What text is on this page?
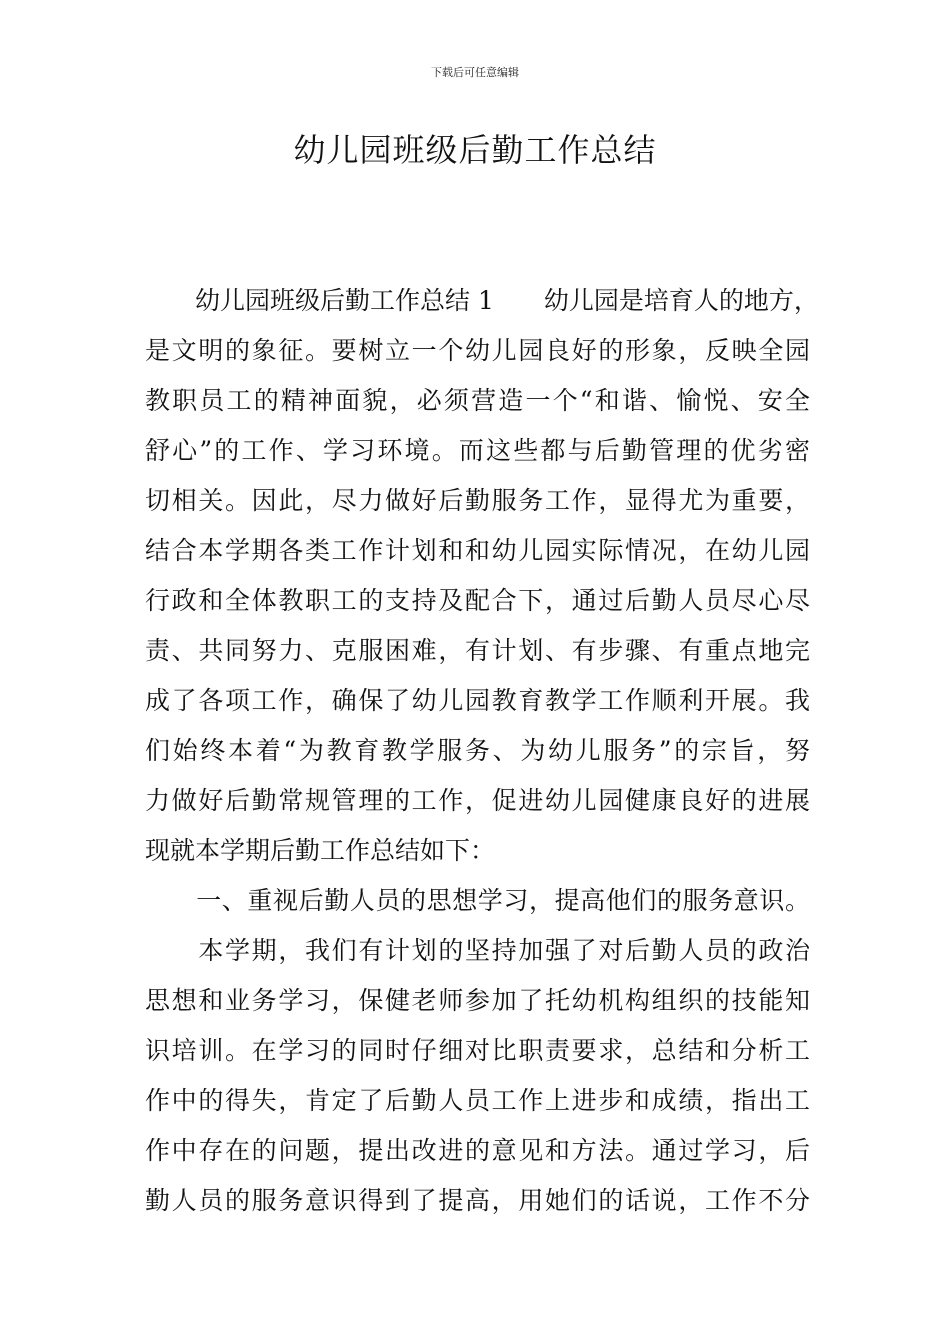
下载后可任意编辑
幼儿园班级后勤工作总结
　　幼儿园班级后勤工作总结 1　　幼儿园是培育人的地方，
是文明的象征。要树立一个幼儿园良好的形象，反映全园
教职员工的精神面貌，必须营造一个“和谐、愉悦、安全
舒心”的工作、学习环境。而这些都与后勤管理的优劣密
切相关。因此，尽力做好后勤服务工作，显得尤为重要，
结合本学期各类工作计划和和幼儿园实际情况，在幼儿园
行政和全体教职工的支持及配合下，通过后勤人员尽心尽
责、共同努力、克服困难，有计划、有步骤、有重点地完
成了各项工作，确保了幼儿园教育教学工作顺利开展。我
们始终本着“为教育教学服务、为幼儿服务”的宗旨，努
力做好后勤常规管理的工作，促进幼儿园健康良好的进展
现就本学期后勤工作总结如下：
　　一、重视后勤人员的思想学习，提高他们的服务意识。
　　本学期，我们有计划的坚持加强了对后勤人员的政治
思想和业务学习，保健老师参加了托幼机构组织的技能知
识培训。在学习的同时仔细对比职责要求，总结和分析工
作中的得失，肯定了后勤人员工作上进步和成绩，指出工
作中存在的问题，提出改进的意见和方法。通过学习，后
勤人员的服务意识得到了提高，用她们的话说，工作不分
